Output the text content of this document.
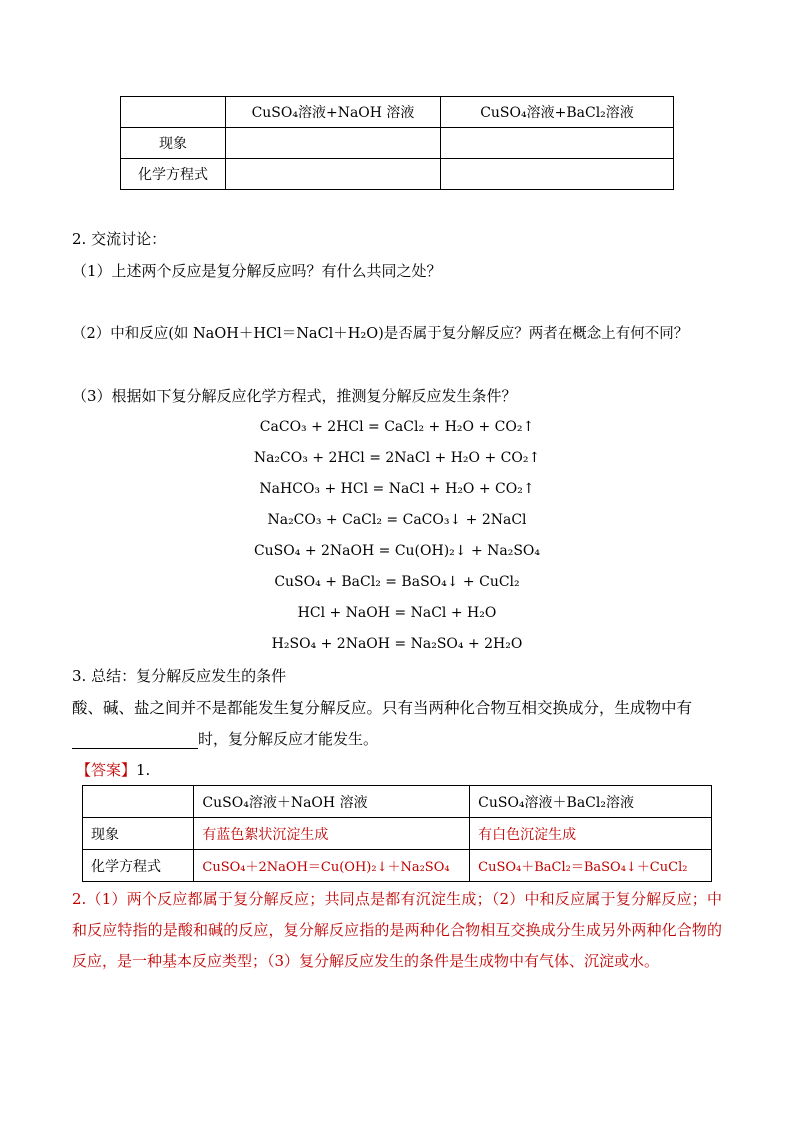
	CuSO₄溶液+NaOH 溶液	CuSO₄溶液+BaCl₂溶液
现象		
化学方程式		
2. 交流讨论：
（1）上述两个反应是复分解反应吗？有什么共同之处？
（2）中和反应(如 NaOH＋HCl＝NaCl＋H₂O)是否属于复分解反应？两者在概念上有何不同？
（3）根据如下复分解反应化学方程式，推测复分解反应发生条件？
CaCO₃ + 2HCl = CaCl₂ + H₂O + CO₂↑
Na₂CO₃ + 2HCl = 2NaCl + H₂O + CO₂↑
NaHCO₃ + HCl = NaCl + H₂O + CO₂↑
Na₂CO₃ + CaCl₂ = CaCO₃↓ + 2NaCl
CuSO₄ + 2NaOH = Cu(OH)₂↓ + Na₂SO₄
CuSO₄ + BaCl₂ = BaSO₄↓ + CuCl₂
HCl + NaOH = NaCl + H₂O
H₂SO₄ + 2NaOH = Na₂SO₄ + 2H₂O
3. 总结：复分解反应发生的条件
酸、碱、盐之间并不是都能发生复分解反应。只有当两种化合物互相交换成分，生成物中有
时，复分解反应才能发生。
【答案】1.
	CuSO₄溶液＋NaOH 溶液	CuSO₄溶液＋BaCl₂溶液
现象	有蓝色絮状沉淀生成	有白色沉淀生成
化学方程式	CuSO₄＋2NaOH＝Cu(OH)₂↓＋Na₂SO₄	CuSO₄＋BaCl₂＝BaSO₄↓＋CuCl₂
2.（1）两个反应都属于复分解反应；共同点是都有沉淀生成；（2）中和反应属于复分解反应；中和反应特指的是酸和碱的反应，复分解反应指的是两种化合物相互交换成分生成另外两种化合物的反应，是一种基本反应类型；（3）复分解反应发生的条件是生成物中有气体、沉淀或水。
